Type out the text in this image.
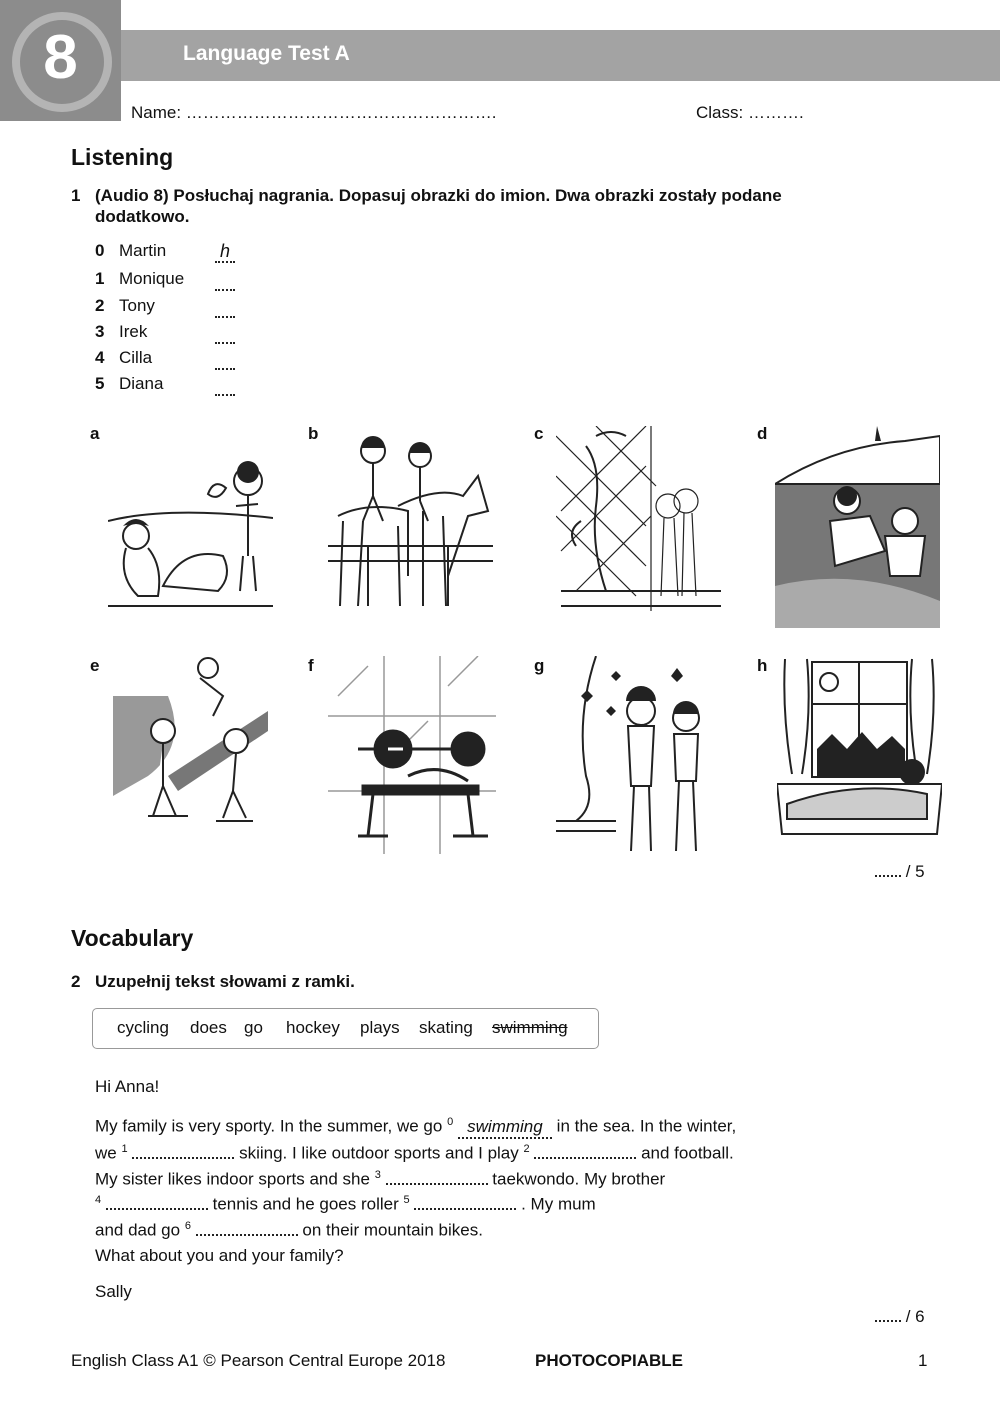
8	Language Test A
Name: ……………………………………………….	Class: ……….
Listening
1 (Audio 8) Posłuchaj nagrania. Dopasuj obrazki do imion. Dwa obrazki zostały podane
dodatkowo.
0 Martin	h
1 Monique
2 Tony
3 Irek
4 Cilla
5 Diana
a	b	c	d
e	f	g	h
/ 5
Vocabulary
2 Uzupełnij tekst słowami z ramki.
cycling does go hockey plays skating swimming
Hi Anna!
My family is very sporty. In the summer, we go $^0$ swimming in the sea. In the winter,
we $^1$	skiing. I like outdoor sports and I play $^2$	and football.
My sister likes indoor sports and she $^3$	taekwondo. My brother
$^4$	tennis and he goes roller $^5$	. My mum
and dad go $^6$	on their mountain bikes.
What about you and your family?
Sally
/ 6
English Class A1 © Pearson Central Europe 2018	PHOTOCOPIABLE	1
